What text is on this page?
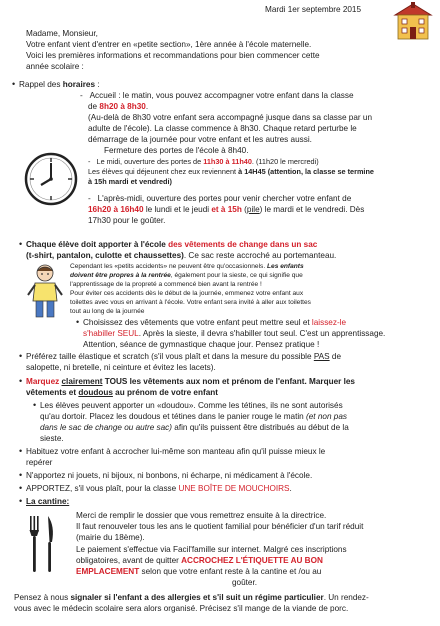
Mardi 1er septembre 2015
Madame, Monsieur,
Votre enfant vient d'entrer en «petite section», 1ère année à l'école maternelle.
Voici les premières informations et recommandations pour bien commencer cette
année scolaire :
• Rappel des horaires :
-   Accueil : le matin, vous pouvez accompagner votre enfant dans la classe
de 8h20 à 8h30.
(Au-delà de 8h30 votre enfant sera accompagné jusque dans sa classe par un
adulte de l'école). La classe commence à 8h30. Chaque retard perturbe le
démarrage de la journée pour votre enfant et les autres aussi.
Fermeture des portes de l'école à 8h40.
-   Le midi, ouverture des portes de 11h30 à 11h40. (11h20 le mercredi)
Les élèves qui déjeunent chez eux reviennent à 14H45 (attention, la classe se termine
à 15h mardi et vendredi)
-   L'après-midi, ouverture des portes pour venir chercher votre enfant de
16h20 à 16h40 le lundi et le jeudi et à 15h (pile) le mardi et le vendredi. Dès
17h30 pour le goûter.
• Chaque élève doit apporter à l'école des vêtements de change dans un sac
(t-shirt, pantalon, culotte et chaussettes). Ce sac reste accroché au portemanteau.
Cependant les «petits accidents» ne peuvent être qu'occasionnels. Les enfants
doivent être propres à la rentrée, également pour la sieste, ce qui signifie que
l'apprentissage de la propreté a commencé bien avant la rentrée !
Pour éviter ces accidents dès le début de la journée, emmenez votre enfant aux
toilettes avec vous en arrivant à l'école. Votre enfant sera invité à aller aux toilettes
tout au long de la journée
• Choisissez des vêtements que votre enfant peut mettre seul et laissez-le
s'habiller SEUL. Après la sieste, il devra s'habiller tout seul. C'est un apprentissage.
Attention, séance de gymnastique chaque jour. Pensez pratique !
• Préférez taille élastique et scratch (s'il vous plaît et dans la mesure du possible PAS de
salopette, ni bretelle, ni ceinture et évitez les lacets).
• Marquez clairement TOUS les vêtements aux nom et prénom de l'enfant. Marquer les
vêtements et doudous au prénom de votre enfant
• Les élèves peuvent apporter un «doudou». Comme les tétines, ils ne sont autorisés
qu'au dortoir. Placez les doudous et tétines dans le panier rouge le matin (et non pas
dans le sac de change ou autre sac) afin qu'ils puissent être distribués au début de la
sieste.
• Habituez votre enfant à accrocher lui-même son manteau afin qu'il puisse mieux le
repérer
• N'apportez ni jouets, ni bijoux, ni bonbons, ni écharpe, ni médicament à l'école.
• APPORTEZ, s'il vous plaît, pour la classe UNE BOÎTE DE MOUCHOIRS.
• La cantine:
Merci de remplir le dossier que vous remettrez ensuite à la directrice.
Il faut renouveler tous les ans le quotient familial pour bénéficier d'un tarif réduit
(mairie du 18ème).
Le paiement s'effectue via Facil'famille sur internet. Malgré ces inscriptions
obligatoires, avant de quitter ACCROCHEZ L'ÉTIQUETTE AU BON
EMPLACEMENT selon que votre enfant reste à la cantine et /ou au
goûter.
Pensez à nous signaler si l'enfant a des allergies et s'il suit un régime particulier. Un rendez-
vous avec le médecin scolaire sera alors organisé. Précisez s'il mange de la viande de porc.
